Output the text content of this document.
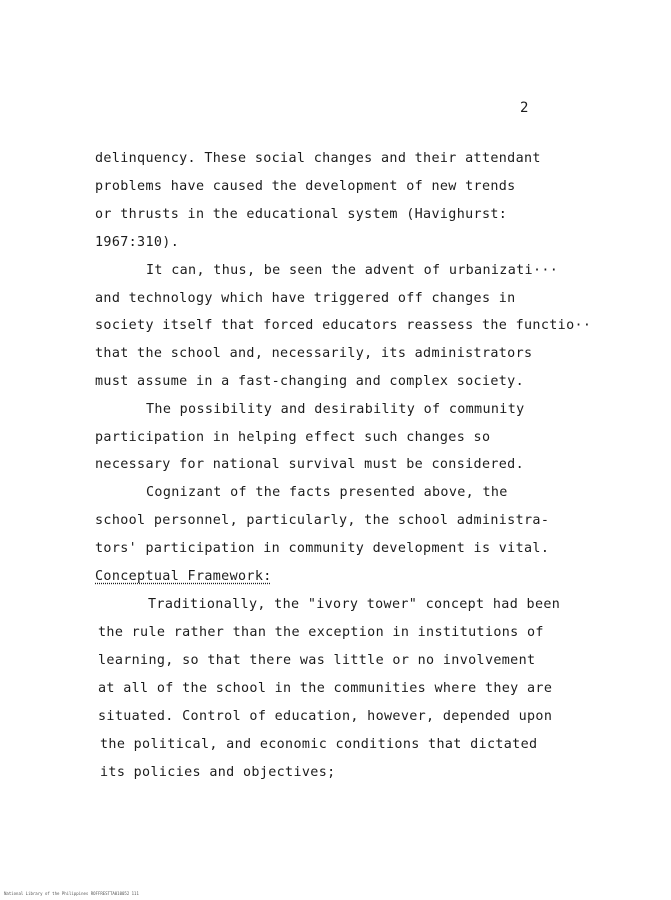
2
delinquency. These social changes and their attendant
problems have caused the development of new trends
or thrusts in the educational system (Havighurst:
1967:310).
It can, thus, be seen the advent of urbanizati···
and technology which have triggered off changes in
society itself that forced educators reassess the functio··
that the school and, necessarily, its administrators
must assume in a fast-changing and complex society.
The possibility and desirability of community
participation in helping effect such changes so
necessary for national survival must be considered.
Cognizant of the facts presented above, the
school personnel, particularly, the school administra-
tors' participation in community development is vital.
Conceptual Framework:
Traditionally, the "ivory tower" concept had been
the rule rather than the exception in institutions of
learning, so that there was little or no involvement
at all of the school in the communities where they are
situated. Control of education, however, depended upon
the political, and economic conditions that dictated
its policies and objectives;
National Library of the Philippines ROFFRESTTA010052 111
